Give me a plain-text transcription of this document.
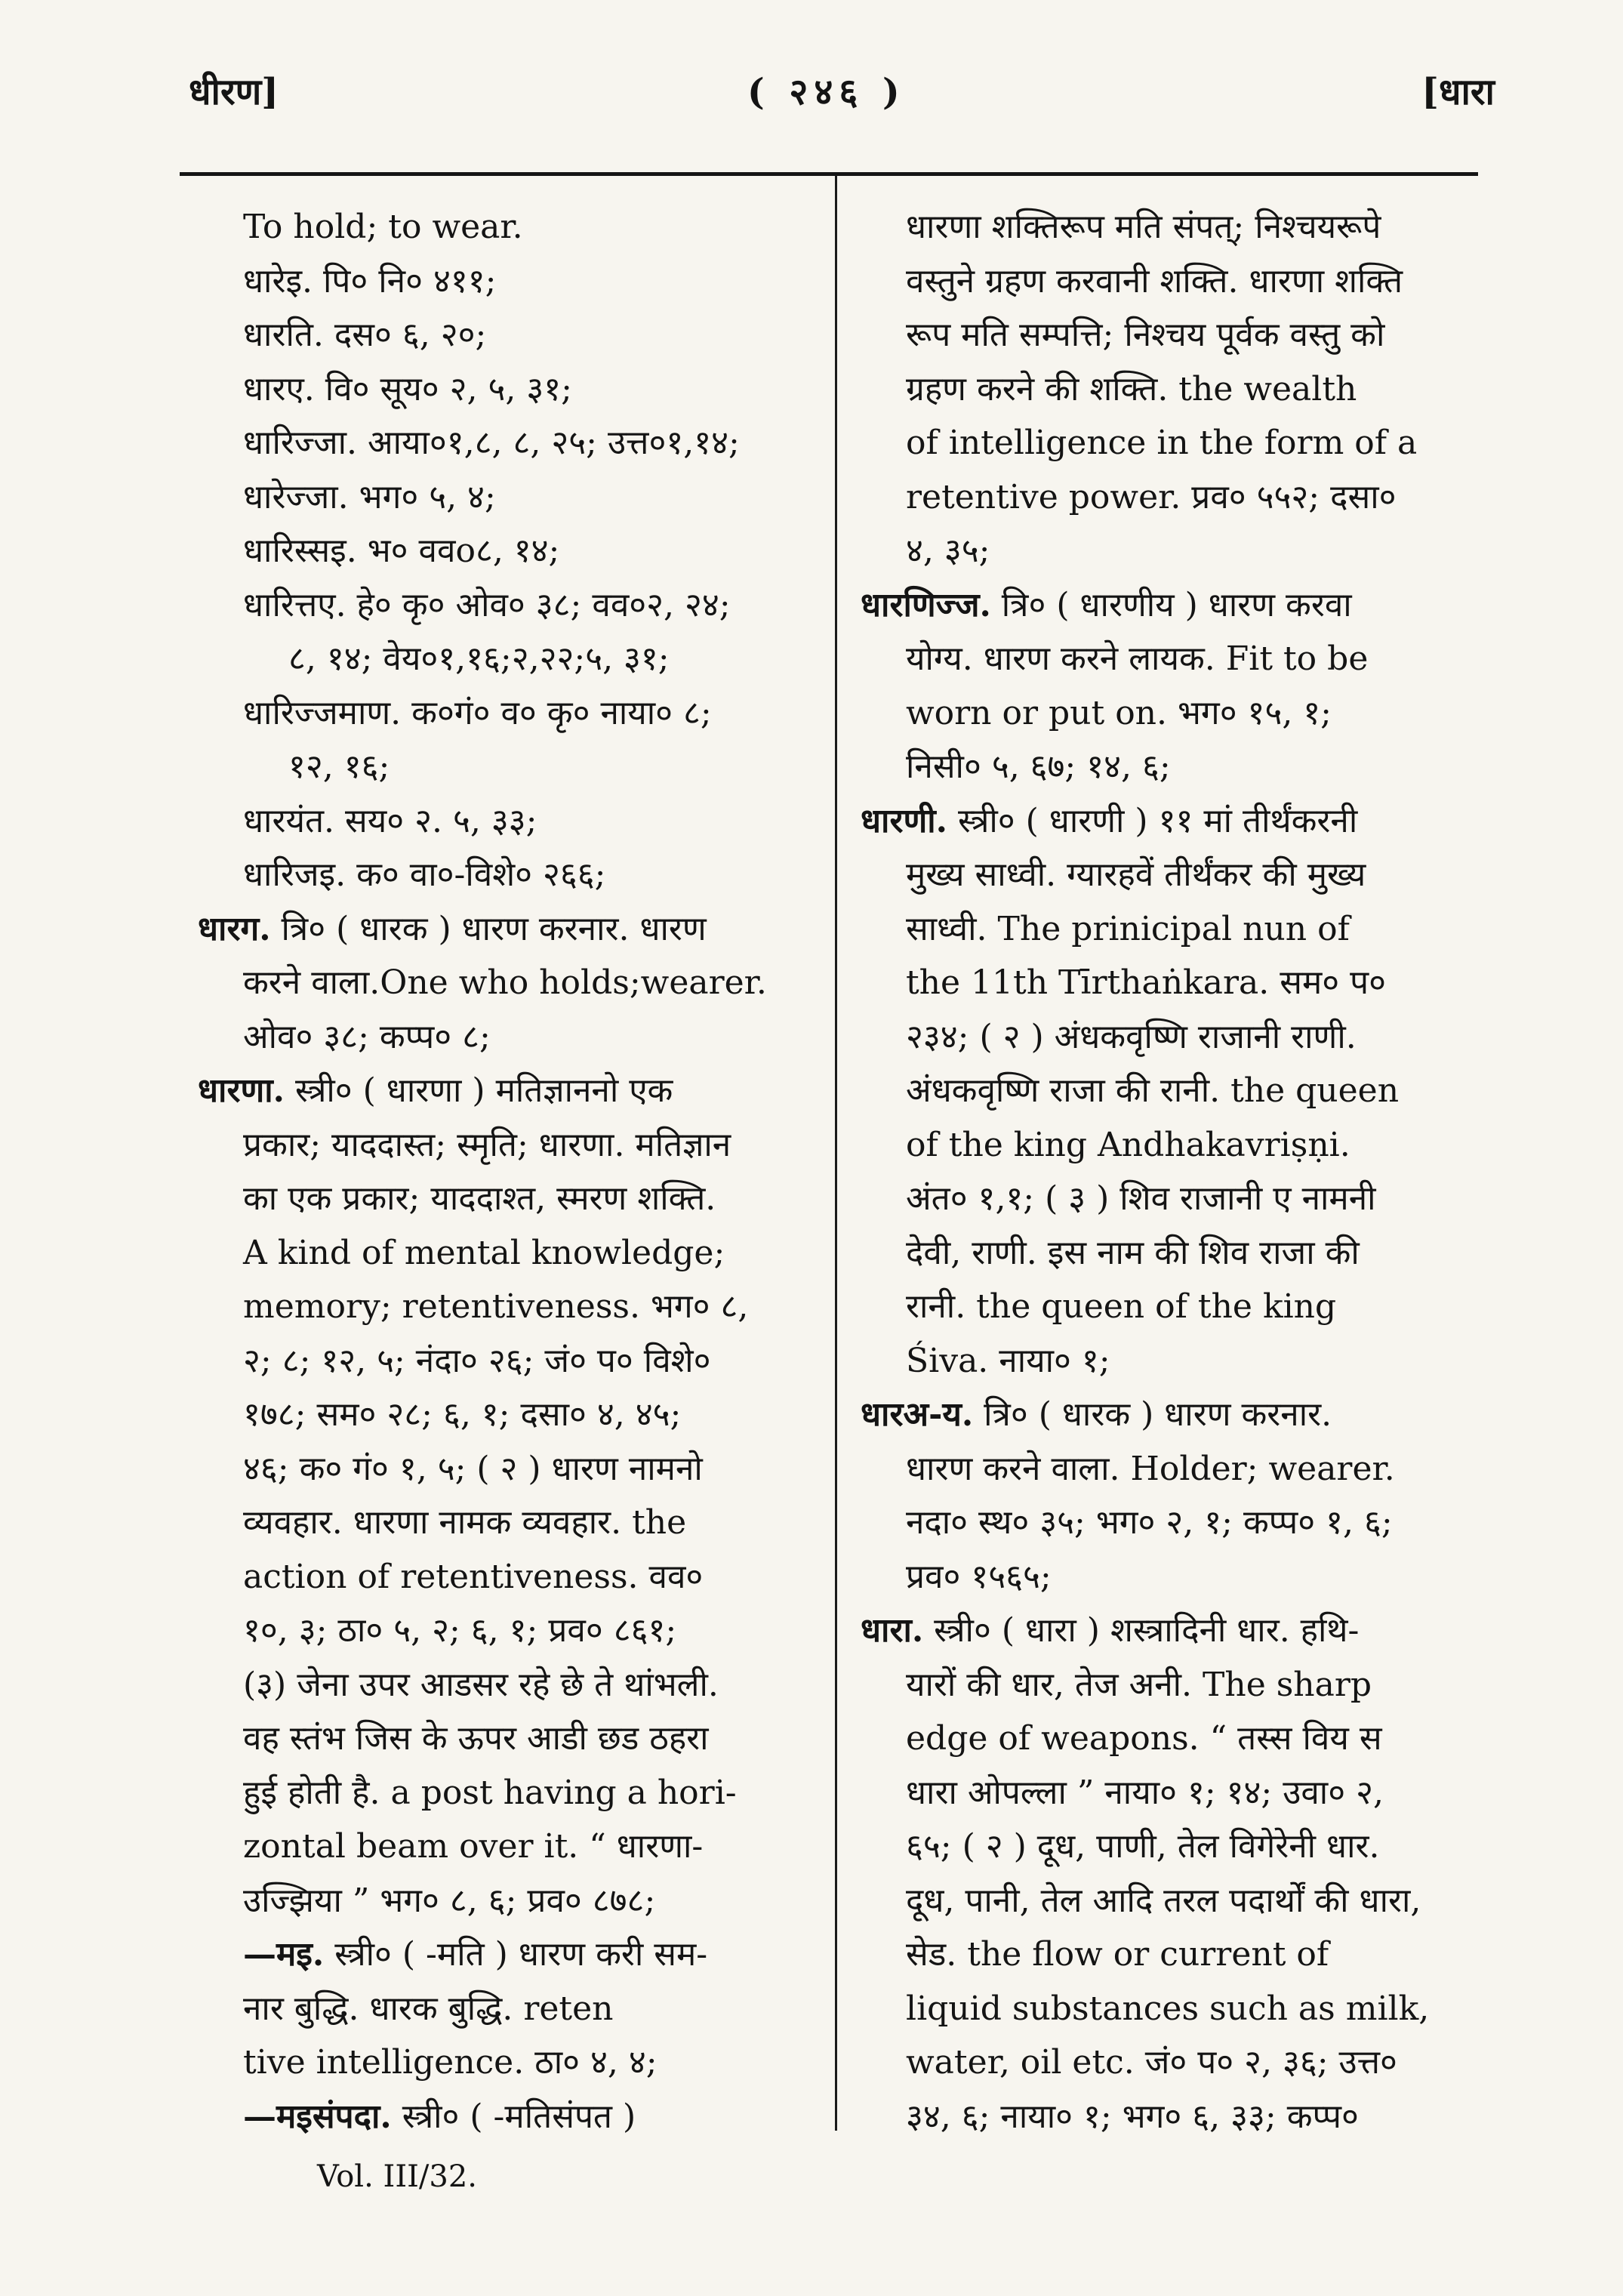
धीरण]	( २४६ )	[धारा
To hold; to wear.
धारेइ. पि० नि० ४११;
धारति. दस० ६, २०;
धारए. वि० सूय० २, ५, ३१;
धारिज्जा. आया०१,८, ८, २५; उत्त०१,१४;
धारेज्जा. भग० ५, ४;
धारिस्सइ. भ० ववo८, १४;
धारित्तए. हे० कृ० ओव० ३८; वव०२, २४;
८, १४; वेय०१,१६;२,२२;५, ३१;
धारिज्जमाण. क०गं० व० कृ० नाया० ८;
१२, १६;
धारयंत. सय० २. ५, ३३;
धारिजइ. क० वा०-विशे० २६६;
धारग. त्रि० ( धारक ) धारण करनार. धारण
करने वाला.One who holds;wearer.
ओव० ३८; कप्प० ८;
धारणा. स्त्री० ( धारणा ) मतिज्ञाननो एक
प्रकार; याददास्त; स्मृति; धारणा. मतिज्ञान
का एक प्रकार; याददाश्त, स्मरण शक्ति.
A kind of mental knowledge;
memory; retentiveness. भग० ८,
२; ८; १२, ५; नंदा० २६; जं० प० विशे०
१७८; सम० २८; ६, १; दसा० ४, ४५;
४६; क० गं० १, ५; ( २ ) धारण नामनो
व्यवहार. धारणा नामक व्यवहार. the
action of retentiveness. वव०
१०, ३; ठा० ५, २; ६, १; प्रव० ८६१;
(३) जेना उपर आडसर रहे छे ते थांभली.
वह स्तंभ जिस के ऊपर आडी छड ठहरा
हुई होती है. a post having a hori-
zontal beam over it. “ धारणा-
उज्झिया ” भग० ८, ६; प्रव० ८७८;
—मइ. स्त्री० ( -मति ) धारण करी सम-
नार बुद्धि. धारक बुद्धि. reten
tive intelligence. ठा० ४, ४;
—मइसंपदा. स्त्री० ( -मतिसंपत )
धारणा शक्तिरूप मति संपत्; निश्चयरूपे
वस्तुने ग्रहण करवानी शक्ति. धारणा शक्ति
रूप मति सम्पत्ति; निश्चय पूर्वक वस्तु को
ग्रहण करने की शक्ति. the wealth
of intelligence in the form of a
retentive power. प्रव० ५५२; दसा०
४, ३५;
धारणिज्ज. त्रि० ( धारणीय ) धारण करवा
योग्य. धारण करने लायक. Fit to be
worn or put on. भग० १५, १;
निसी० ५, ६७; १४, ६;
धारणी. स्त्री० ( धारणी ) ११ मां तीर्थंकरनी
मुख्य साध्वी. ग्यारहवें तीर्थंकर की मुख्य
साध्वी. The prinicipal nun of
the 11th Tīrthaṅkara. सम० प०
२३४; ( २ ) अंधकवृष्णि राजानी राणी.
अंधकवृष्णि राजा की रानी. the queen
of the king Andhakavriṣṇi.
अंत० १,१; ( ३ ) शिव राजानी ए नामनी
देवी, राणी. इस नाम की शिव राजा की
रानी. the queen of the king
Śiva. नाया० १;
धारअ-य. त्रि० ( धारक ) धारण करनार.
धारण करने वाला. Holder; wearer.
नदा० स्थ० ३५; भग० २, १; कप्प० १, ६;
प्रव० १५६५;
धारा. स्त्री० ( धारा ) शस्त्रादिनी धार. हथि-
यारों की धार, तेज अनी. The sharp
edge of weapons. “ तस्स विय स
धारा ओपल्ला ” नाया० १; १४; उवा० २,
६५; ( २ ) दूध, पाणी, तेल विगेरेनी धार.
दूध, पानी, तेल आदि तरल पदार्थों की धारा,
सेड. the flow or current of
liquid substances such as milk,
water, oil etc. जं० प० २, ३६; उत्त०
३४, ६; नाया० १; भग० ६, ३३; कप्प०
Vol. III/32.
